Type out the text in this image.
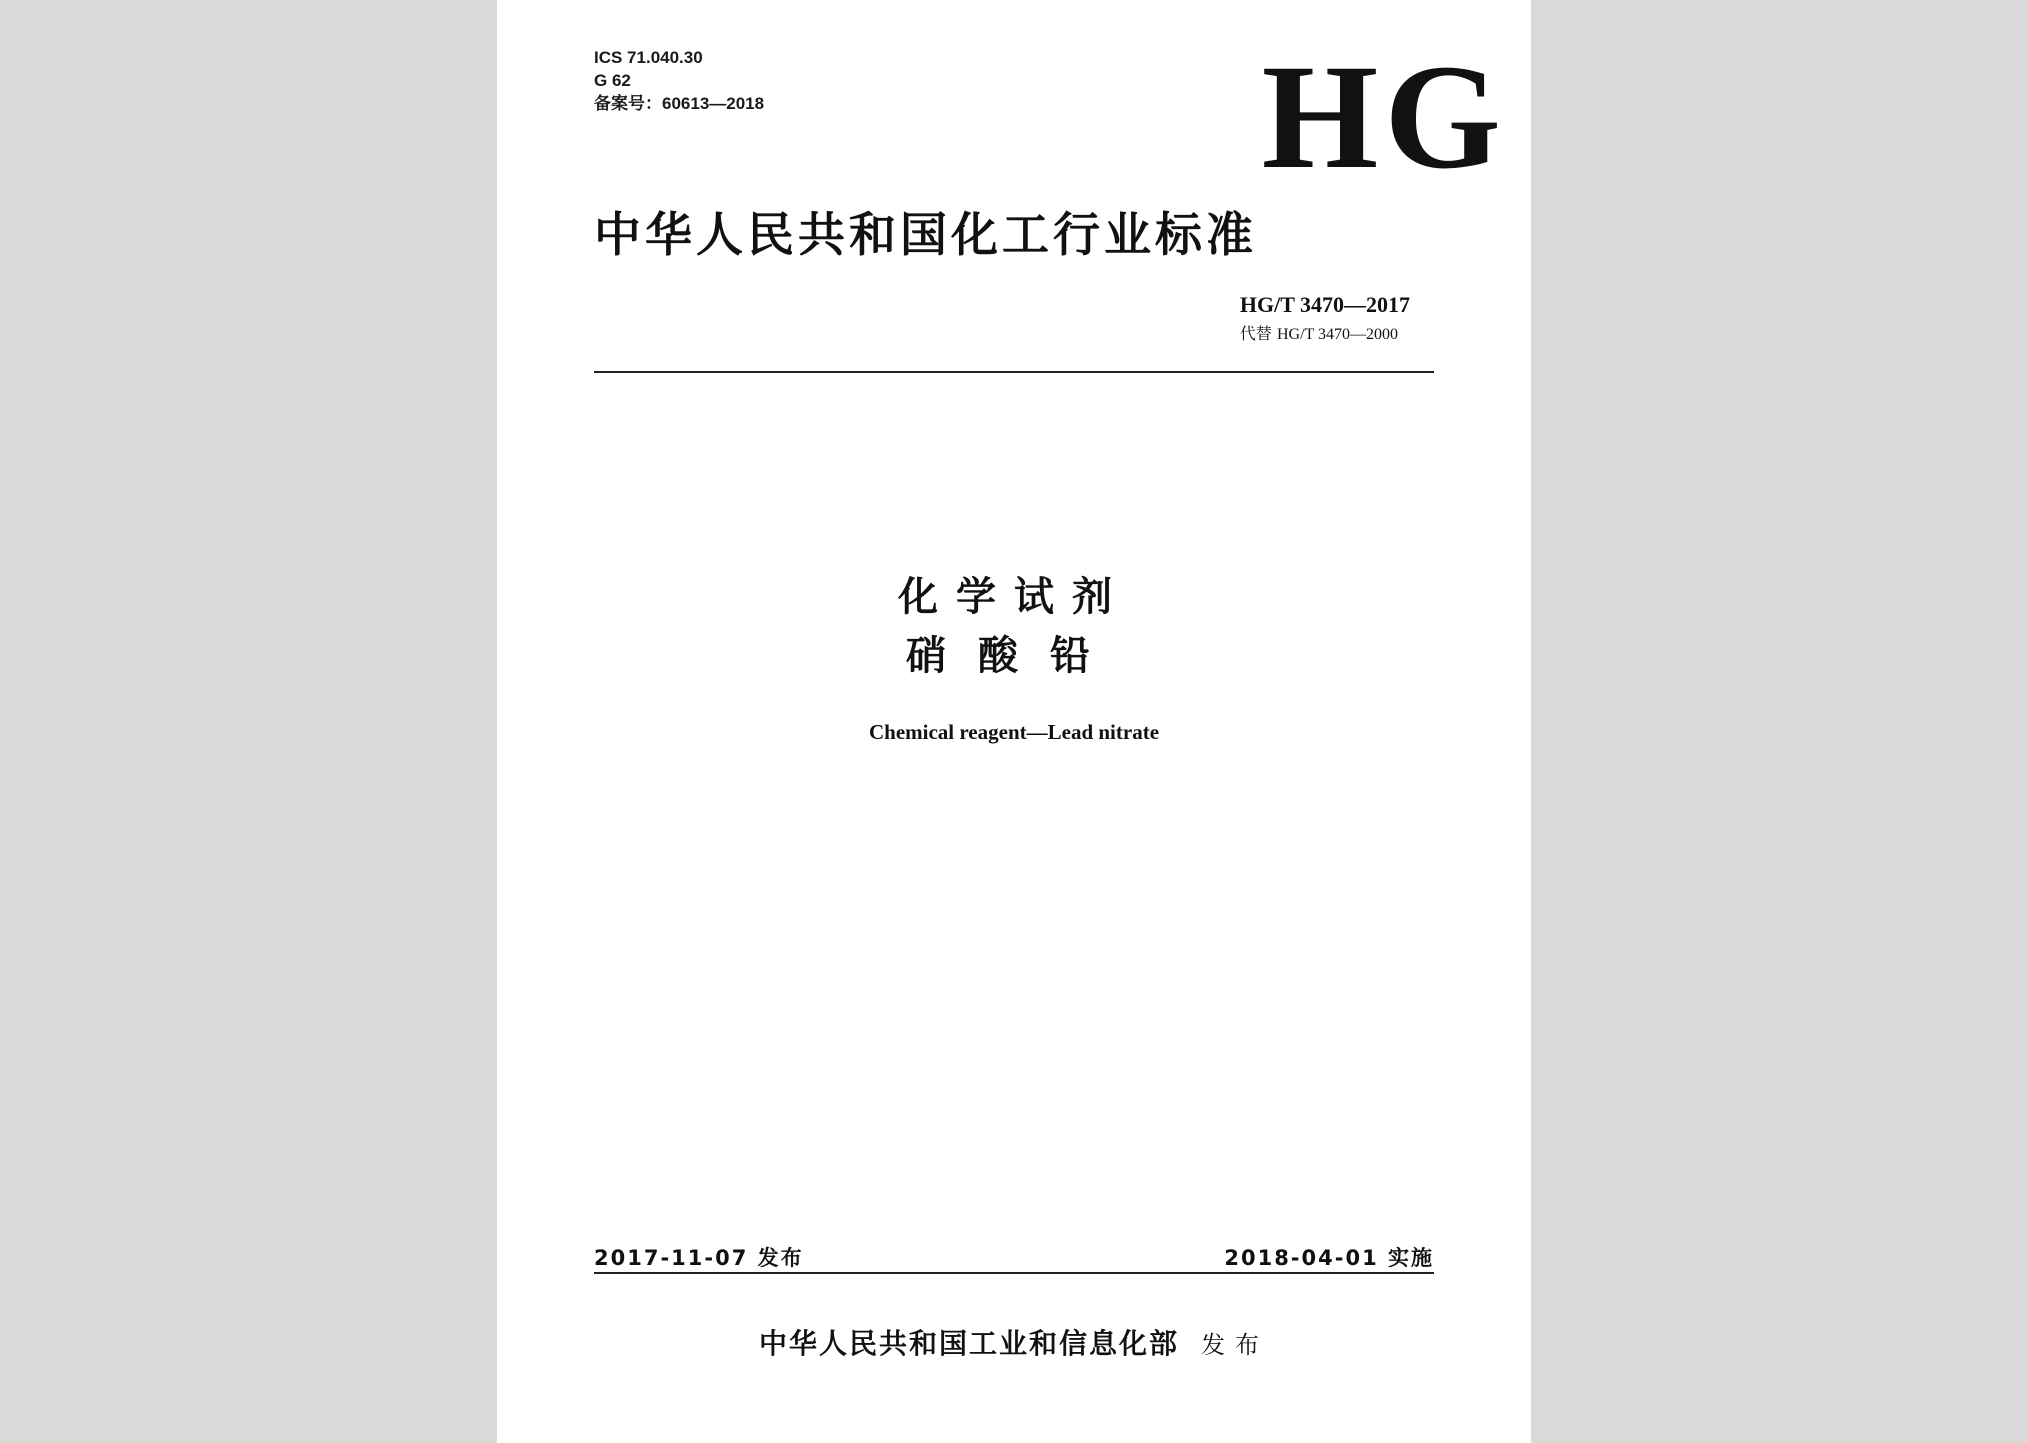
ICS 71.040.30
G 62
备案号：60613—2018	HG
中华人民共和国化工行业标准
HG/T 3470—2017
代替 HG/T 3470—2000
化学试剂
硝酸铅
Chemical reagent—Lead nitrate
2017-11-07 发布	2018-04-01 实施
中华人民共和国工业和信息化部 发布
